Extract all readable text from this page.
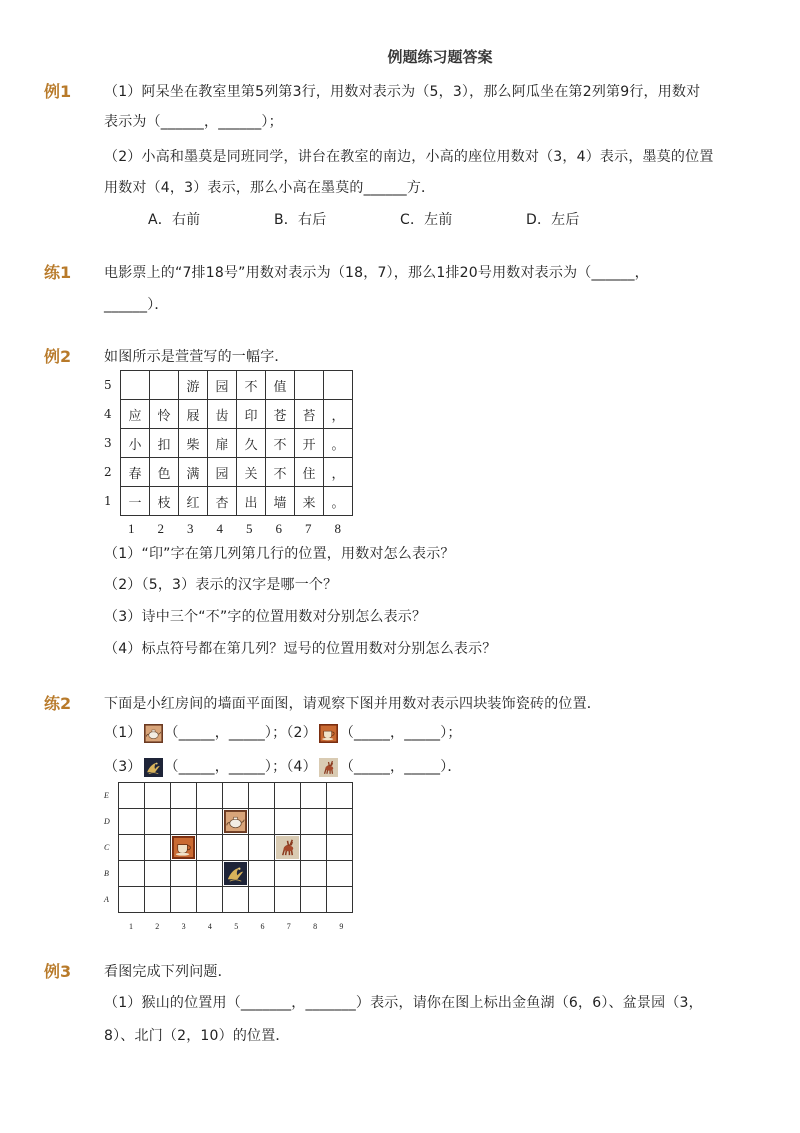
例题练习题答案
例1 （1）阿呆坐在教室里第5列第3行，用数对表示为（5，3），那么阿瓜坐在第2列第9行，用数对
表示为（______，______）；
（2）小高和墨莫是同班同学，讲台在教室的南边，小高的座位用数对（3，4）表示，墨莫的位置
用数对（4，3）表示，那么小高在墨莫的______方．
A．右前	B．右后	C．左前	D．左后
练1 电影票上的“7排18号”用数对表示为（18，7），那么1排20号用数对表示为（______，
______）．
例2 如图所示是萱萱写的一幅字．
5			游	园	不	值		
4	应	怜	屐	齿	印	苍	苔	，
3	小	扣	柴	扉	久	不	开	。
2	春	色	满	园	关	不	住	，
1	一	枝	红	杏	出	墙	来	。
1 2 3 4 5 6 7 8
（1）“印”字在第几列第几行的位置，用数对怎么表示？
（2）（5，3）表示的汉字是哪一个？
（3）诗中三个“不”字的位置用数对分别怎么表示？
（4）标点符号都在第几列？逗号的位置用数对分别怎么表示？
练2 下面是小红房间的墙面平面图，请观察下图并用数对表示四块装饰瓷砖的位置．
（1） （_____，_____）；（2） （_____，_____）；
（3） （_____，_____）；（4） （_____，_____）．
E									
D					

C			

B					

A									
1	2	3	4	5	6	7	8	9
例3 看图完成下列问题．
（1）猴山的位置用（_______，_______）表示，请你在图上标出金鱼湖（6，6）、盆景园（3，
8）、北门（2，10）的位置．
